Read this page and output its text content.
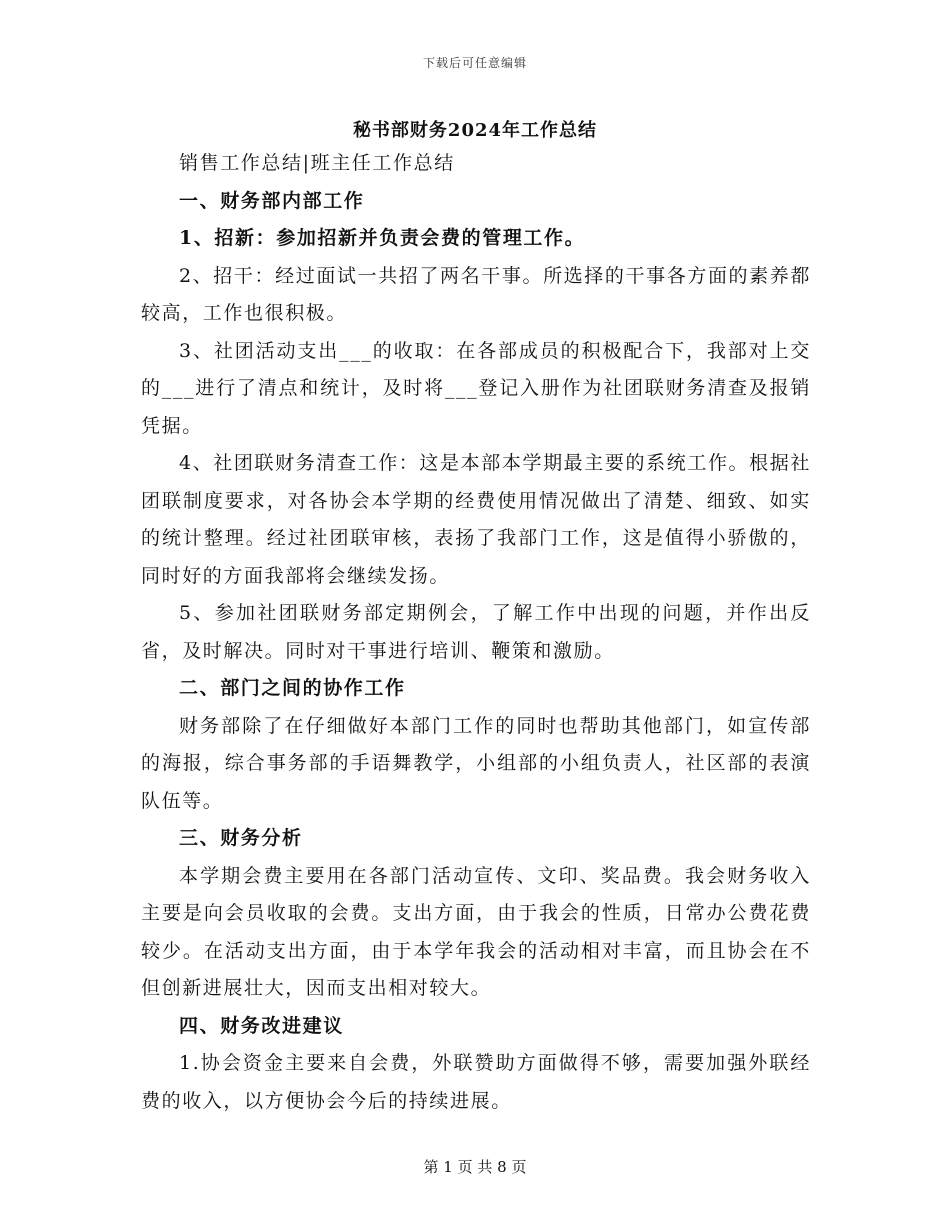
下载后可任意编辑
秘书部财务2024年工作总结

销售工作总结|班主任工作总结

一、财务部内部工作

1、招新：参加招新并负责会费的管理工作。

2、招干：经过面试一共招了两名干事。所选择的干事各方面的素养都较高，工作也很积极。

3、社团活动支出___的收取：在各部成员的积极配合下，我部对上交的___进行了清点和统计，及时将___登记入册作为社团联财务清查及报销凭据。

4、社团联财务清查工作：这是本部本学期最主要的系统工作。根据社团联制度要求，对各协会本学期的经费使用情况做出了清楚、细致、如实的统计整理。经过社团联审核，表扬了我部门工作，这是值得小骄傲的，同时好的方面我部将会继续发扬。

5、参加社团联财务部定期例会，了解工作中出现的问题，并作出反省，及时解决。同时对干事进行培训、鞭策和激励。

二、部门之间的协作工作

财务部除了在仔细做好本部门工作的同时也帮助其他部门，如宣传部的海报，综合事务部的手语舞教学，小组部的小组负责人，社区部的表演队伍等。

三、财务分析

本学期会费主要用在各部门活动宣传、文印、奖品费。我会财务收入主要是向会员收取的会费。支出方面，由于我会的性质，日常办公费花费较少。在活动支出方面，由于本学年我会的活动相对丰富，而且协会在不但创新进展壮大，因而支出相对较大。

四、财务改进建议

1.协会资金主要来自会费，外联赞助方面做得不够，需要加强外联经费的收入，以方便协会今后的持续进展。

第 1 页 共 8 页
